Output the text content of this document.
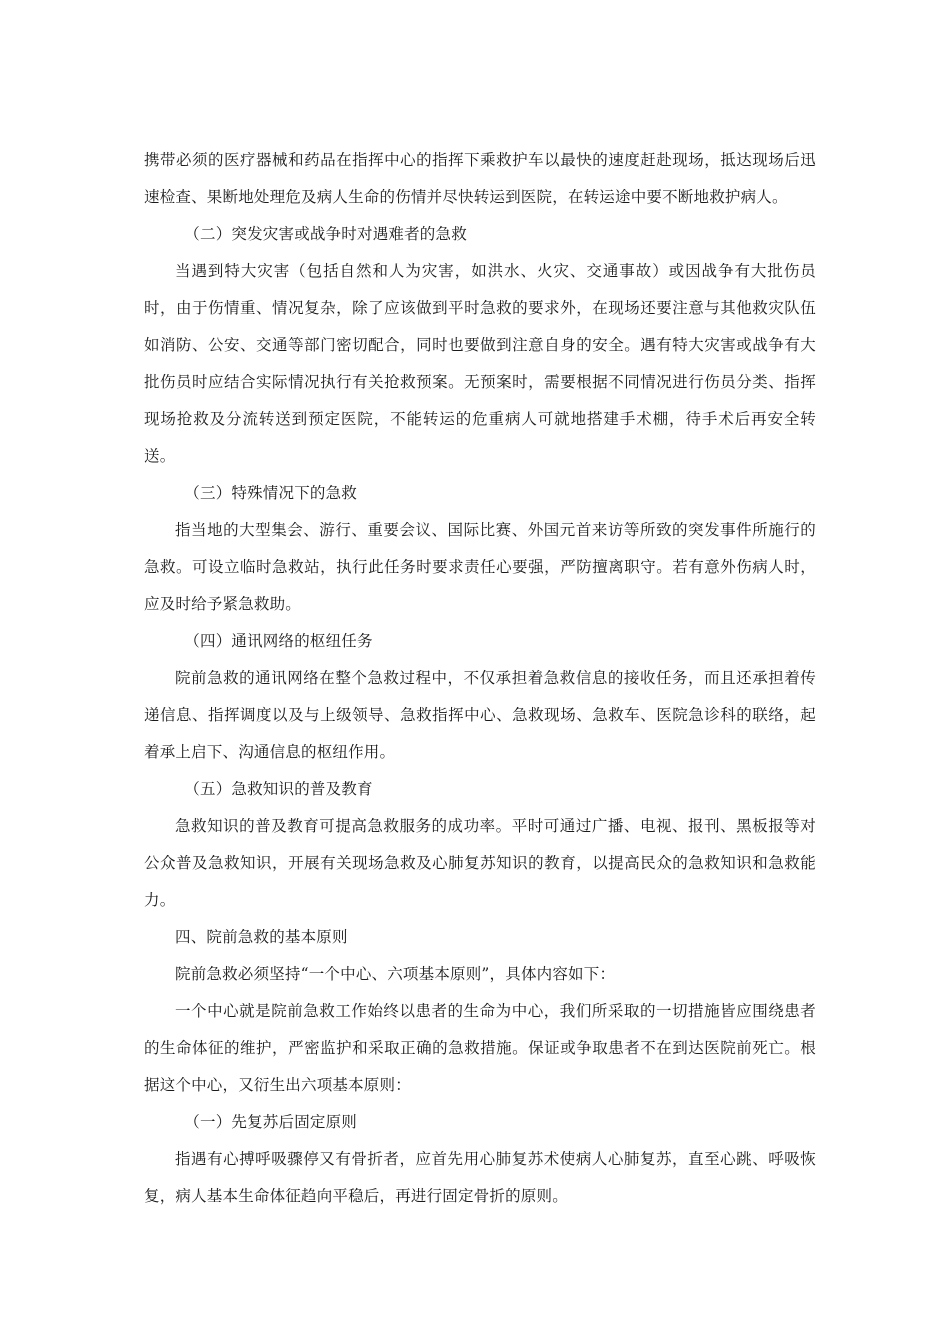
携带必须的医疗器械和药品在指挥中心的指挥下乘救护车以最快的速度赶赴现场，抵达现场后迅速检查、果断地处理危及病人生命的伤情并尽快转运到医院，在转运途中要不断地救护病人。

（二）突发灾害或战争时对遇难者的急救

当遇到特大灾害（包括自然和人为灾害，如洪水、火灾、交通事故）或因战争有大批伤员时，由于伤情重、情况复杂，除了应该做到平时急救的要求外，在现场还要注意与其他救灾队伍如消防、公安、交通等部门密切配合，同时也要做到注意自身的安全。遇有特大灾害或战争有大批伤员时应结合实际情况执行有关抢救预案。无预案时，需要根据不同情况进行伤员分类、指挥现场抢救及分流转送到预定医院，不能转运的危重病人可就地搭建手术棚，待手术后再安全转送。

（三）特殊情况下的急救

指当地的大型集会、游行、重要会议、国际比赛、外国元首来访等所致的突发事件所施行的急救。可设立临时急救站，执行此任务时要求责任心要强，严防擅离职守。若有意外伤病人时，应及时给予紧急救助。

（四）通讯网络的枢纽任务

院前急救的通讯网络在整个急救过程中，不仅承担着急救信息的接收任务，而且还承担着传递信息、指挥调度以及与上级领导、急救指挥中心、急救现场、急救车、医院急诊科的联络，起着承上启下、沟通信息的枢纽作用。

（五）急救知识的普及教育

急救知识的普及教育可提高急救服务的成功率。平时可通过广播、电视、报刊、黑板报等对公众普及急救知识，开展有关现场急救及心肺复苏知识的教育，以提高民众的急救知识和急救能力。

四、院前急救的基本原则

院前急救必须坚持“一个中心、六项基本原则”，具体内容如下：

一个中心就是院前急救工作始终以患者的生命为中心，我们所采取的一切措施皆应围绕患者的生命体征的维护，严密监护和采取正确的急救措施。保证或争取患者不在到达医院前死亡。根据这个中心，又衍生出六项基本原则：

（一）先复苏后固定原则

指遇有心搏呼吸骤停又有骨折者，应首先用心肺复苏术使病人心肺复苏，直至心跳、呼吸恢复，病人基本生命体征趋向平稳后，再进行固定骨折的原则。
